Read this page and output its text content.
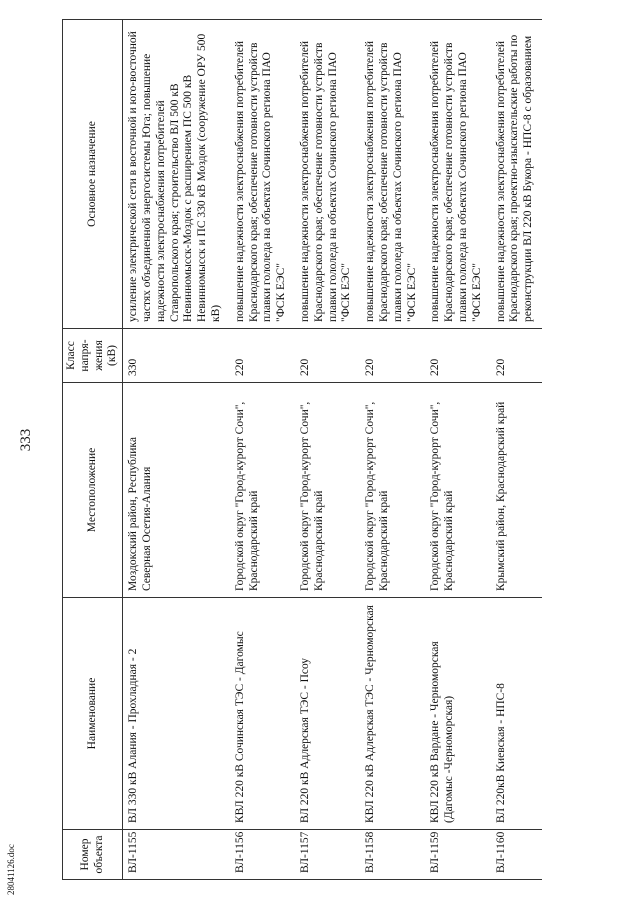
333
28041126.doc	Номер объекта	Наименование	Местоположение	Класс напря-жения (кВ)	Основное назначение
ВЛ-1155	ВЛ 330 кВ Алания - Прохладная - 2	Моздокский район, Республика Северная Осетия-Алания	330	усиление электрической сети в восточной и юго-восточной частях объединенной энергосистемы Юга; повышение надежности электроснабжения потребителей Ставропольского края; строительство ВЛ 500 кВ Невинномысск-Моздок с расширением ПС 500 кВ Невинномысск и ПС 330 кВ Моздок (сооружение ОРУ 500 кВ)
ВЛ-1156	КВЛ 220 кВ Сочинская ТЭС - Дагомыс	Городской округ "Город-курорт Сочи", Краснодарский край	220	повышение надежности электроснабжения потребителей Краснодарского края; обеспечение готовности устройств плавки гололеда на объектах Сочинского региона ПАО "ФСК ЕЭС"
ВЛ-1157	ВЛ 220 кВ Адлерская ТЭС - Псоу	Городской округ "Город-курорт Сочи", Краснодарский край	220	повышение надежности электроснабжения потребителей Краснодарского края; обеспечение готовности устройств плавки гололеда на объектах Сочинского региона ПАО "ФСК ЕЭС"
ВЛ-1158	КВЛ 220 кВ Адлерская ТЭС - Черноморская	Городской округ "Город-курорт Сочи", Краснодарский край	220	повышение надежности электроснабжения потребителей Краснодарского края; обеспечение готовности устройств плавки гололеда на объектах Сочинского региона ПАО "ФСК ЕЭС"
ВЛ-1159	КВЛ 220 кВ Вардане - Черноморская (Дагомыс -Черноморская)	Городской округ "Город-курорт Сочи", Краснодарский край	220	повышение надежности электроснабжения потребителей Краснодарского края; обеспечение готовности устройств плавки гололеда на объектах Сочинского региона ПАО "ФСК ЕЭС"
ВЛ-1160	ВЛ 220кВ Киевская - НПС-8	Крымский район, Краснодарский край	220	повышение надежности электроснабжения потребителей Краснодарского края; проектно-изыскательские работы по реконструкции ВЛ 220 кВ Букора - НПС-8 с образованием
